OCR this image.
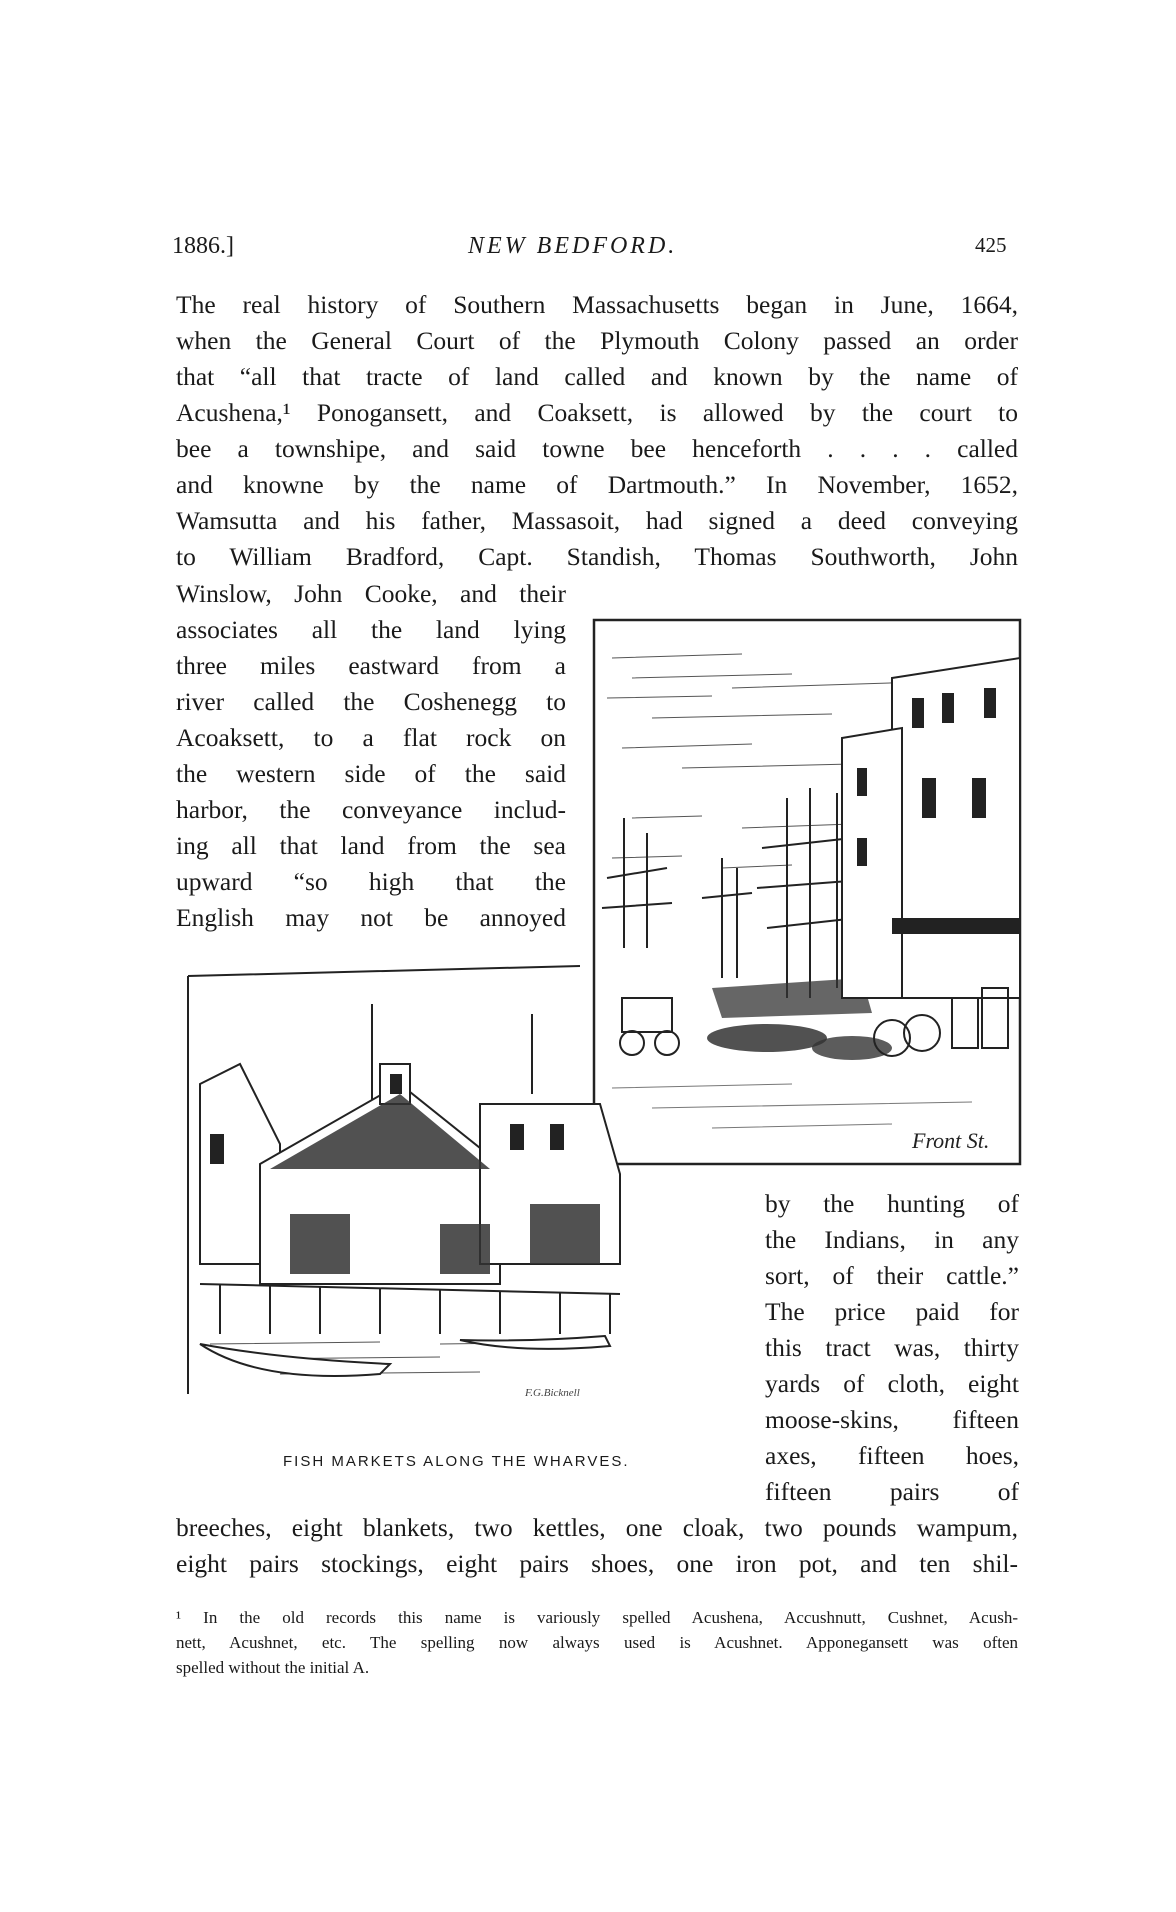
1886.]	NEW BEDFORD.	425
The real history of Southern Massachusetts began in June, 1664,
when the General Court of the Plymouth Colony passed an order
that “all that tracte of land called and known by the name of
Acushena,¹ Ponogansett, and Coaksett, is allowed by the court to
bee a townshipe, and said towne bee henceforth . . . . called
and knowne by the name of Dartmouth.” In November, 1652,
Wamsutta and his father, Massasoit, had signed a deed conveying
to William Bradford, Capt. Standish, Thomas Southworth, John
Winslow, John Cooke, and their
associates all the land lying
three miles eastward from a
river called the Coshenegg to
Acoaksett, to a flat rock on
the western side of the said
harbor, the conveyance includ-
ing all that land from the sea
upward “so high that the
English may not be annoyed
Front St.
F.G.Bicknell
FISH MARKETS ALONG THE WHARVES.
by the hunting of
the Indians, in any
sort, of their cattle.”
The price paid for
this tract was, thirty
yards of cloth, eight
moose-skins, fifteen
axes, fifteen hoes,
fifteen pairs of
breeches, eight blankets, two kettles, one cloak, two pounds wampum,
eight pairs stockings, eight pairs shoes, one iron pot, and ten shil-
¹ In the old records this name is variously spelled Acushena, Accushnutt, Cushnet, Acush-
nett, Acushnet, etc. The spelling now always used is Acushnet. Apponegansett was often
spelled without the initial A.
